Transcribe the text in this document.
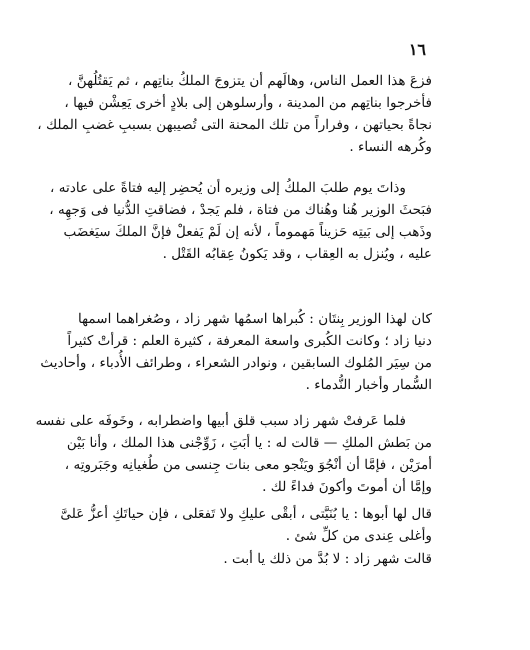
١٦
فزعَ هذا العمل الناس، وهالَهم أن يتزوجَ الملكُ بناتِهم ، ثم يَقتُلُهنَّ ،
فأخرجوا بناتِهم من المدينة ، وأرسلوهن إلى بلادٍ أخرى يَعِشْن فيها ،
نجاةً بحياتهن ، وفراراً من تلك المحنة التى تُصيبهن بسببِ غضبِ الملك ،
وكُرهه النساء .
وذاتَ يوم طلبَ الملكُ إلى وزيره أن يُحضِر إليه فتاةً على عادته ،
فبَحثَ الوزير هُنا وهُناك من فتاة ، فلم يَجدْ ، فضاقتِ الدُّنيا فى وَجهِه ،
وذَهب إلى بَيتِه حَزيناً مَهموماً ، لأنه إن لَمْ يَفعلْ فإنَّ الملكَ سيَغضَب
عليه ، ويُنزل به العِقاب ، وقد يَكونُ عِقابُه القَتْل .
كان لهذا الوزير بِنتَان : كُبراها اسمُها شهر زاد ، وصُغراهما اسمها
دنيا زاد ؛ وكانت الكُبرى واسعة المعرفة ، كثيرة العلم : قرأتْ كثيراً
من سِيَر المُلوك السابقين ، ونوادر الشعراء ، وطرائف الأُدباء ، وأحاديث
السُّمار وأخبار النُّدماء .
فلما عَرفتْ شهر زاد سبب قلق أبيها واضطرابه ، وخَوفَه على نفسه
من بَطش الملكِ — قالت له : يا أبَتِ ، زَوِّجْنى هذا الملك ، وأنا بَيْن
أمرَيْن ، فإمَّا أن أنْجُوَ ويَنْجو معى بنات جِنسى من طُغيانِه وجَبَروتِه ،
وإمَّا أن أموتَ وأكونَ فداءً لك .
قال لها أبوها : يا بُنَيَّتى ، أبقْى عليكِ ولا تَفعَلى ، فإن حياتَكِ أعزُّ عَلىَّ
وأغلى عِندى من كلِّ شئ .
قالت شهر زاد : لا بُدَّ من ذلك يا أبت .
